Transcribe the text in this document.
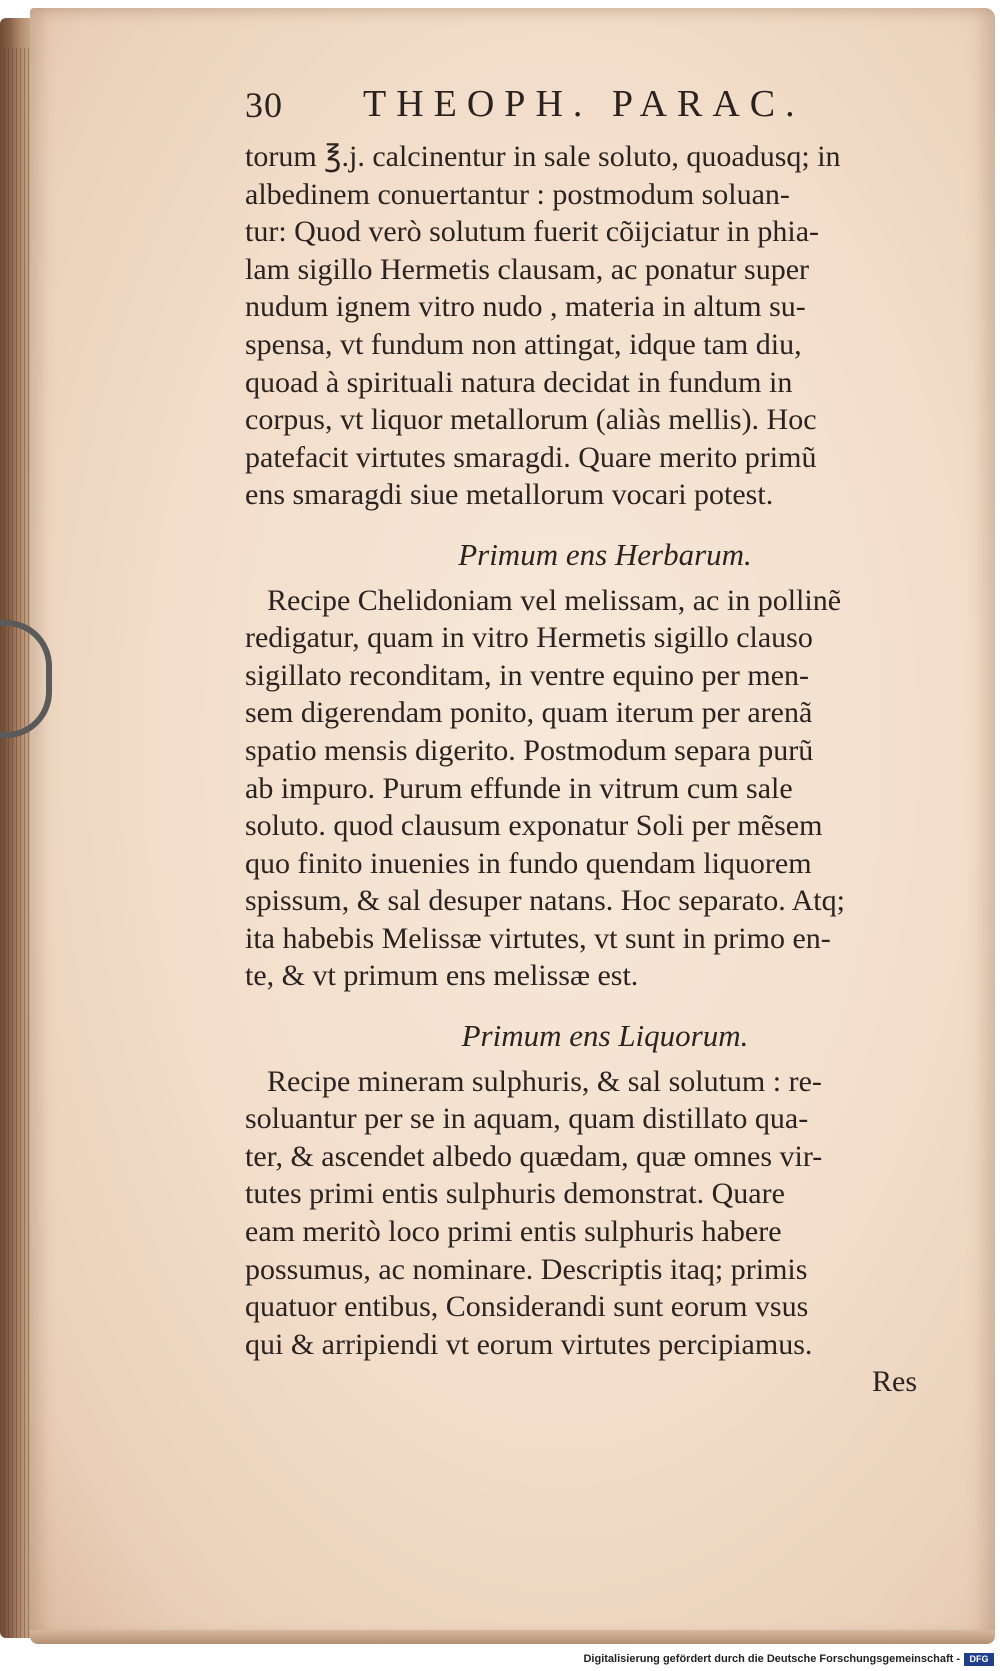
30 THEOPH. PARAC.
torum ℥.j. calcinentur in sale soluto, quoadusq; in
albedinem conuertantur : postmodum soluan-
tur: Quod verò solutum fuerit cõijciatur in phia-
lam sigillo Hermetis clausam, ac ponatur super
nudum ignem vitro nudo , materia in altum su-
spensa, vt fundum non attingat, idque tam diu,
quoad à spirituali natura decidat in fundum in
corpus, vt liquor metallorum (aliàs mellis). Hoc
patefacit virtutes smaragdi. Quare merito primũ
ens smaragdi siue metallorum vocari potest.
Primum ens Herbarum.
Recipe Chelidoniam vel melissam, ac in pollinẽ
redigatur, quam in vitro Hermetis sigillo clauso
sigillato reconditam, in ventre equino per men-
sem digerendam ponito, quam iterum per arenã
spatio mensis digerito. Postmodum separa purũ
ab impuro. Purum effunde in vitrum cum sale
soluto. quod clausum exponatur Soli per mẽsem
quo finito inuenies in fundo quendam liquorem
spissum, & sal desuper natans. Hoc separato. Atq;
ita habebis Melissæ virtutes, vt sunt in primo en-
te, & vt primum ens melissæ est.
Primum ens Liquorum.
Recipe mineram sulphuris, & sal solutum : re-
soluantur per se in aquam, quam distillato qua-
ter, & ascendet albedo quædam, quæ omnes vir-
tutes primi entis sulphuris demonstrat. Quare
eam meritò loco primi entis sulphuris habere
possumus, ac nominare. Descriptis itaq; primis
quatuor entibus, Considerandi sunt eorum vsus
qui & arripiendi vt eorum virtutes percipiamus.
Res
Digitalisierung gefördert durch die Deutsche Forschungsgemeinschaft -	DFG
